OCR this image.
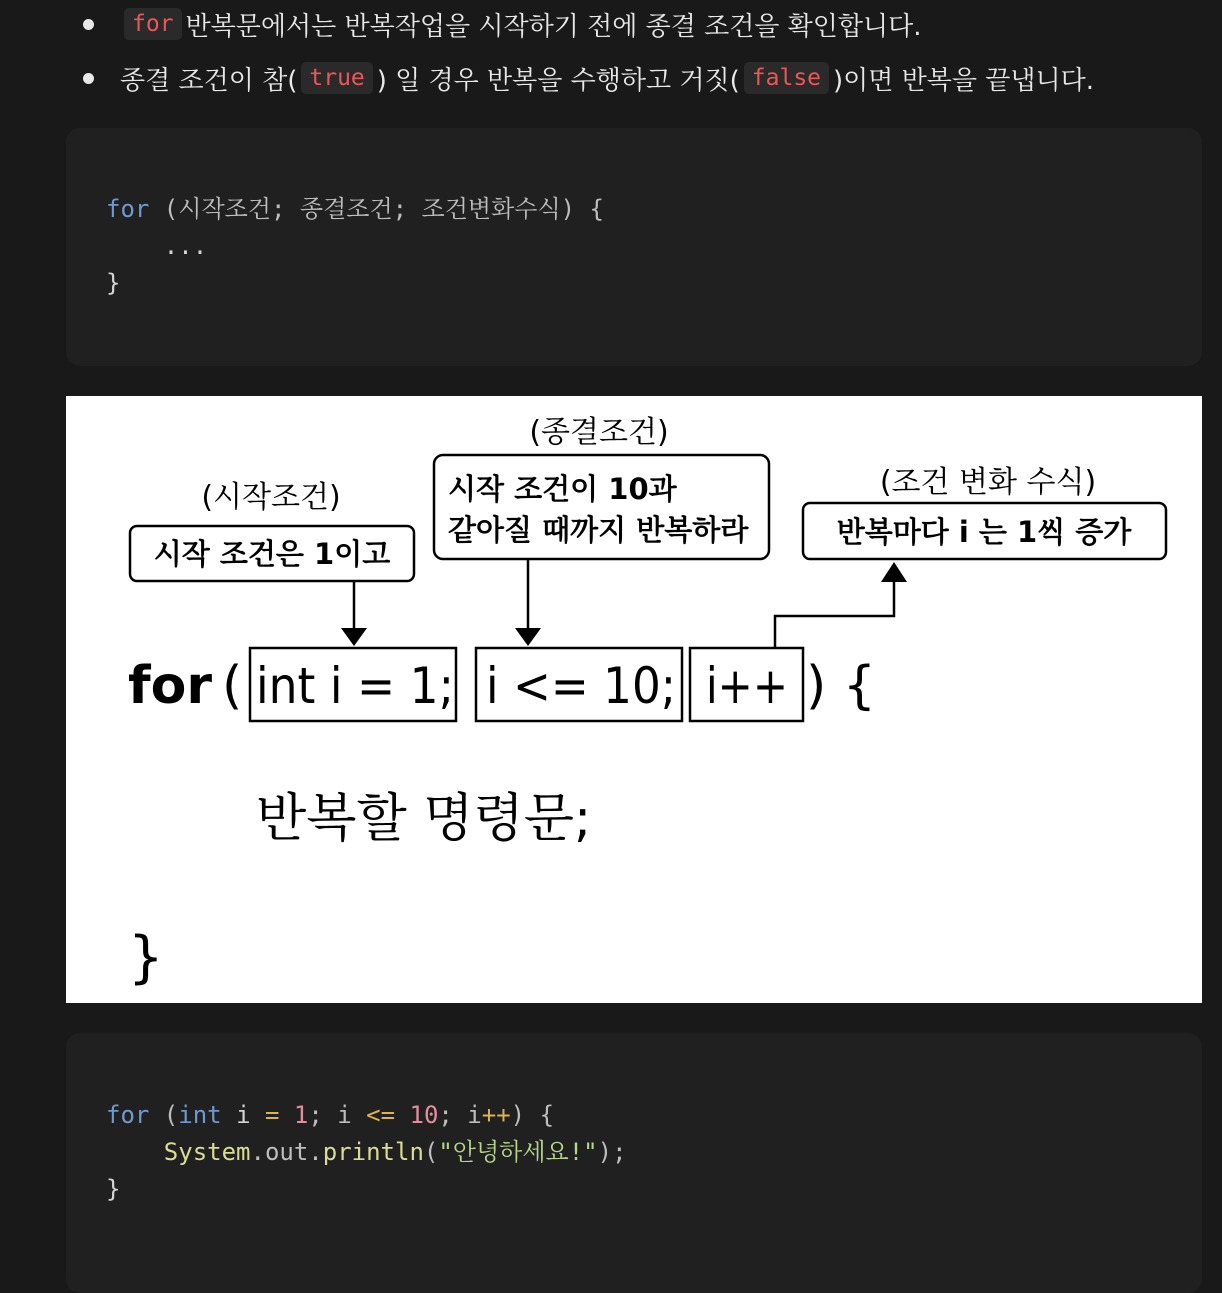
for 반복문에서는 반복작업을 시작하기 전에 종결 조건을 확인합니다.
종결 조건이 참( true ) 일 경우 반복을 수행하고 거짓( false )이면 반복을 끝냅니다.
for (시작조건; 종결조건; 조건변화수식) {
...
}
(시작조건)
시작 조건은 1이고
(종결조건)
시작 조건이 10과
같아질 때까지 반복하라
(조건 변화 수식)
반복마다 i 는 1씩 증가
for ( int i = 1; i <= 10; i++ ) {
반복할 명령문;
}
for (int i = 1; i <= 10; i++) {
System.out.println("안녕하세요!");
}
